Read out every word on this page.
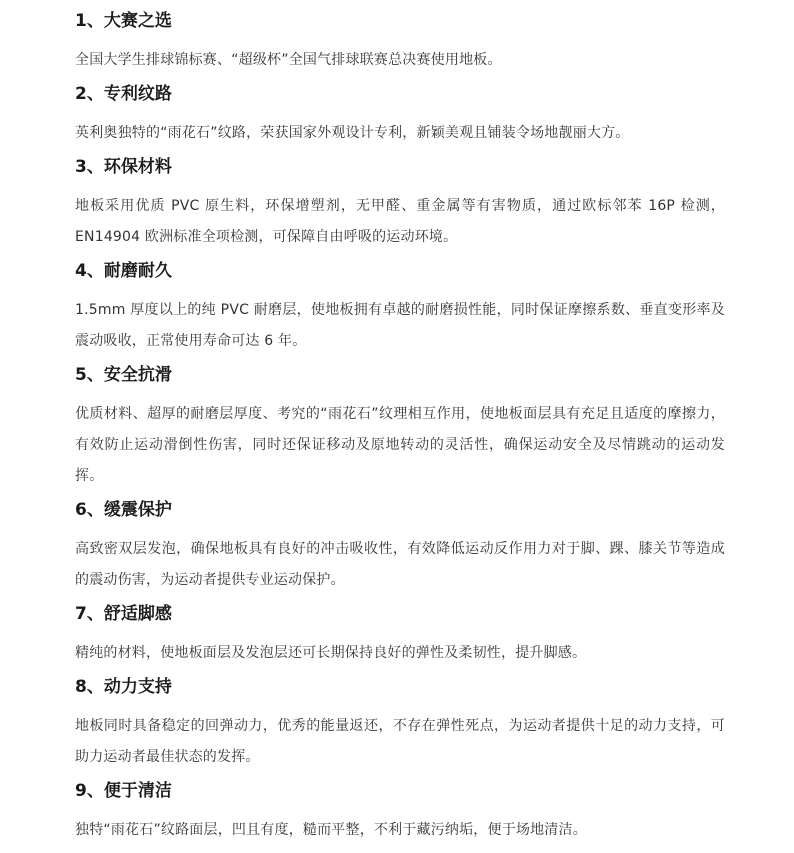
1、大赛之选
全国大学生排球锦标赛、“超级杯”全国气排球联赛总决赛使用地板。
2、专利纹路
英利奥独特的“雨花石”纹路，荣获国家外观设计专利，新颖美观且铺装令场地靓丽大方。
3、环保材料
地板采用优质 PVC 原生料，环保增塑剂，无甲醛、重金属等有害物质，通过欧标邻苯 16P 检测，EN14904 欧洲标准全项检测，可保障自由呼吸的运动环境。
4、耐磨耐久
1.5mm 厚度以上的纯 PVC 耐磨层，使地板拥有卓越的耐磨损性能，同时保证摩擦系数、垂直变形率及震动吸收，正常使用寿命可达 6 年。
5、安全抗滑
优质材料、超厚的耐磨层厚度、考究的“雨花石”纹理相互作用，使地板面层具有充足且适度的摩擦力，有效防止运动滑倒性伤害，同时还保证移动及原地转动的灵活性，确保运动安全及尽情跳动的运动发挥。
6、缓震保护
高致密双层发泡，确保地板具有良好的冲击吸收性，有效降低运动反作用力对于脚、踝、膝关节等造成的震动伤害，为运动者提供专业运动保护。
7、舒适脚感
精纯的材料，使地板面层及发泡层还可长期保持良好的弹性及柔韧性，提升脚感。
8、动力支持
地板同时具备稳定的回弹动力，优秀的能量返还，不存在弹性死点，为运动者提供十足的动力支持，可助力运动者最佳状态的发挥。
9、便于清洁
独特“雨花石”纹路面层，凹且有度，糙而平整，不利于藏污纳垢，便于场地清洁。
